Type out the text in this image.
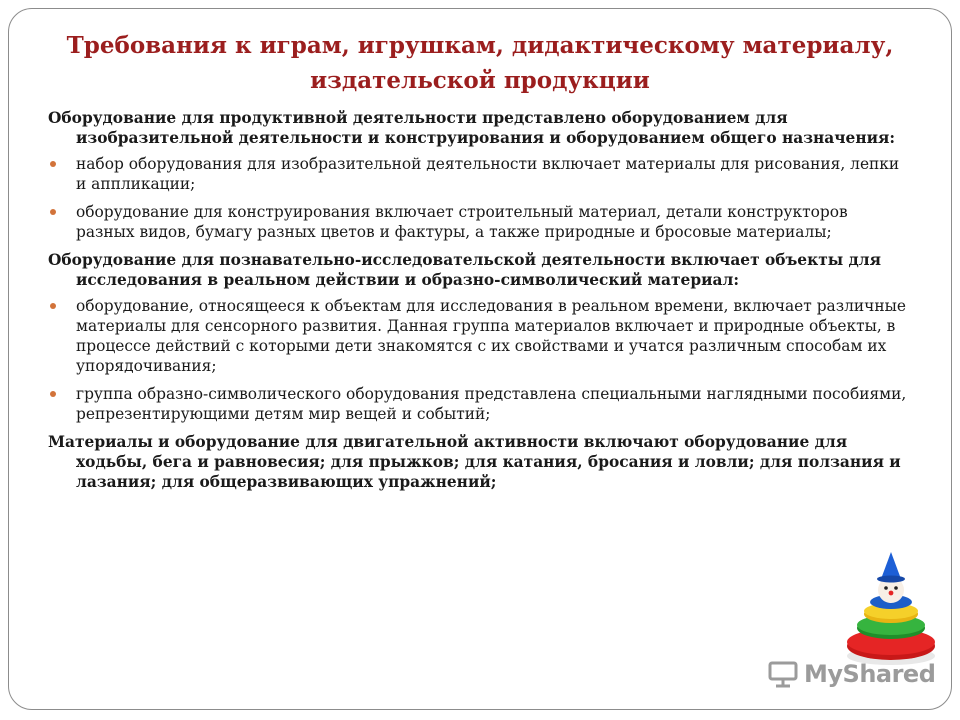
Требования к играм, игрушкам, дидактическому материалу, издательской продукции

Оборудование для продуктивной деятельности представлено оборудованием для изобразительной деятельности и конструирования и оборудованием общего назначения:

набор оборудования для изобразительной деятельности включает материалы для рисования, лепки и аппликации;
оборудование для конструирования включает строительный материал, детали конструкторов разных видов, бумагу разных цветов и фактуры, а также природные и бросовые материалы;

Оборудование для познавательно-исследовательской деятельности включает объекты для исследования в реальном действии и образно-символический материал:

оборудование, относящееся к объектам для исследования в реальном времени, включает различные материалы для сенсорного развития. Данная группа материалов включает и природные объекты, в процессе действий с которыми дети знакомятся с их свойствами и учатся различным способам их упорядочивания;
группа образно-символического оборудования представлена специальными наглядными пособиями, репрезентирующими детям мир вещей и событий;

Материалы и оборудование для двигательной активности включают оборудование для ходьбы, бега и равновесия; для прыжков; для катания, бросания и ловли; для ползания и лазания; для общеразвивающих упражнений;

MyShared
